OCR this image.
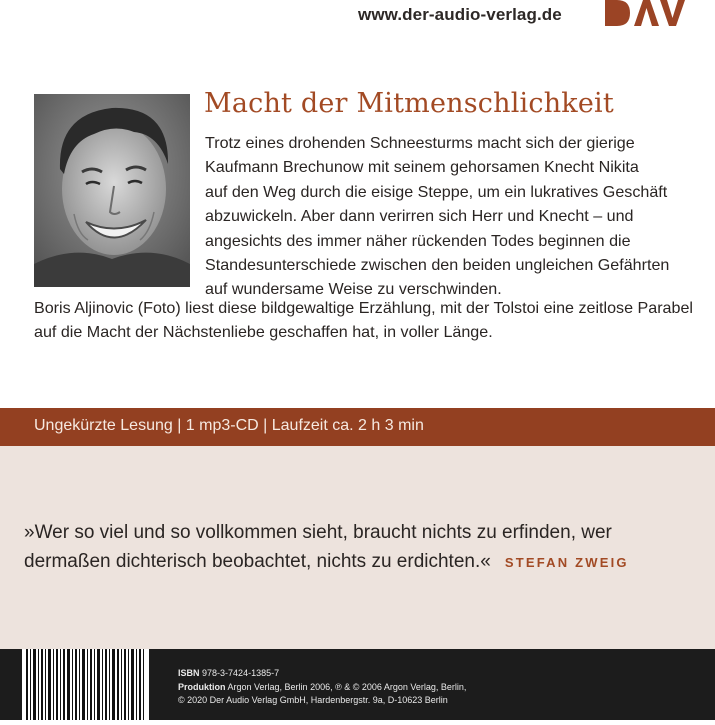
www.der-audio-verlag.de
Macht der Mitmenschlichkeit
Trotz eines drohenden Schneesturms macht sich der gierige
Kaufmann Brechunow mit seinem gehorsamen Knecht Nikita
auf den Weg durch die eisige Steppe, um ein lukratives Geschäft
abzuwickeln. Aber dann verirren sich Herr und Knecht – und
angesichts des immer näher rückenden Todes beginnen die
Standesunterschiede zwischen den beiden ungleichen Gefährten
auf wundersame Weise zu verschwinden.
Boris Aljinovic (Foto) liest diese bildgewaltige Erzählung, mit der Tolstoi eine zeitlose Parabel
auf die Macht der Nächstenliebe geschaffen hat, in voller Länge.
Ungekürzte Lesung | 1 mp3-CD | Laufzeit ca. 2 h 3 min
»Wer so viel und so vollkommen sieht, braucht nichts zu erfinden, wer
dermaßen dichterisch beobachtet, nichts zu erdichten.« STEFAN ZWEIG
ISBN 978-3-7424-1385-7
Produktion Argon Verlag, Berlin 2006, ℗ & © 2006 Argon Verlag, Berlin,
© 2020 Der Audio Verlag GmbH, Hardenbergstr. 9a, D-10623 Berlin
